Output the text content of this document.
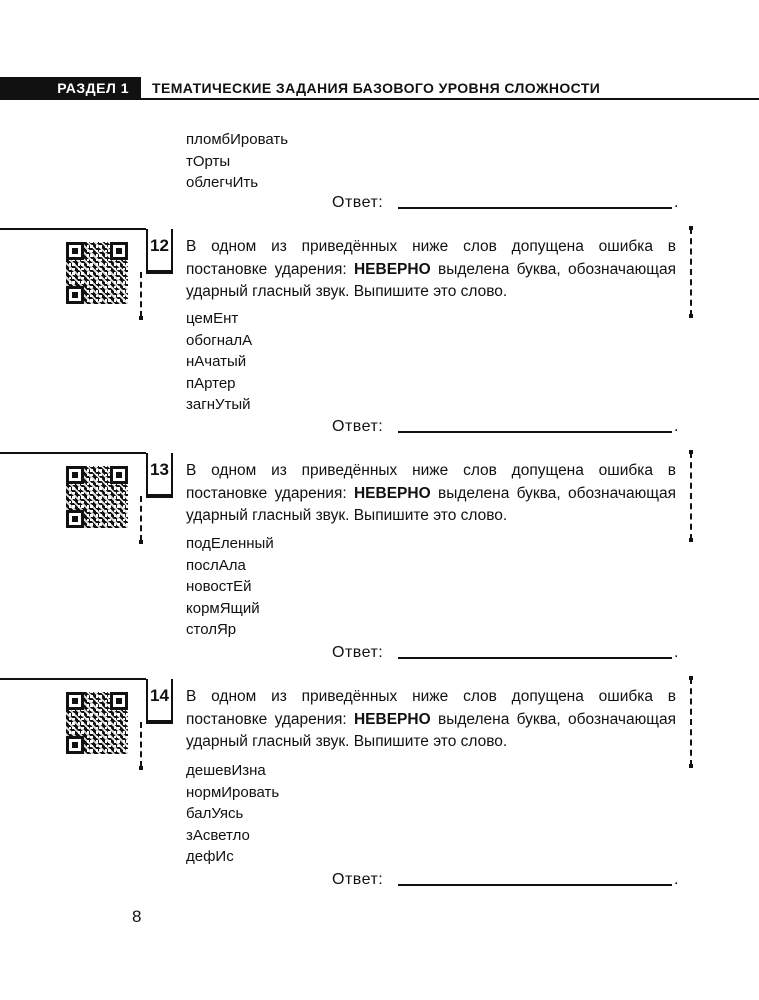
РАЗДЕЛ 1	ТЕМАТИЧЕСКИЕ ЗАДАНИЯ БАЗОВОГО УРОВНЯ СЛОЖНОСТИ
пломбИровать
тОрты
облегчИть
Ответ:	.
12 В одном из приведённых ниже слов допущена ошибка в постановке ударения: НЕВЕРНО выделена буква, обозначающая ударный гласный звук. Выпишите это слово.
цемЕнт
обогналА
нАчатый
пАртер
загнУтый
Ответ:	.
13 В одном из приведённых ниже слов допущена ошибка в постановке ударения: НЕВЕРНО выделена буква, обозначающая ударный гласный звук. Выпишите это слово.
подЕленный
послАла
новостЕй
кормЯщий
столЯр
Ответ:	.
14 В одном из приведённых ниже слов допущена ошибка в постановке ударения: НЕВЕРНО выделена буква, обозначающая ударный гласный звук. Выпишите это слово.
дешевИзна
нормИровать
балУясь
зАсветло
дефИс
Ответ:	.
8
